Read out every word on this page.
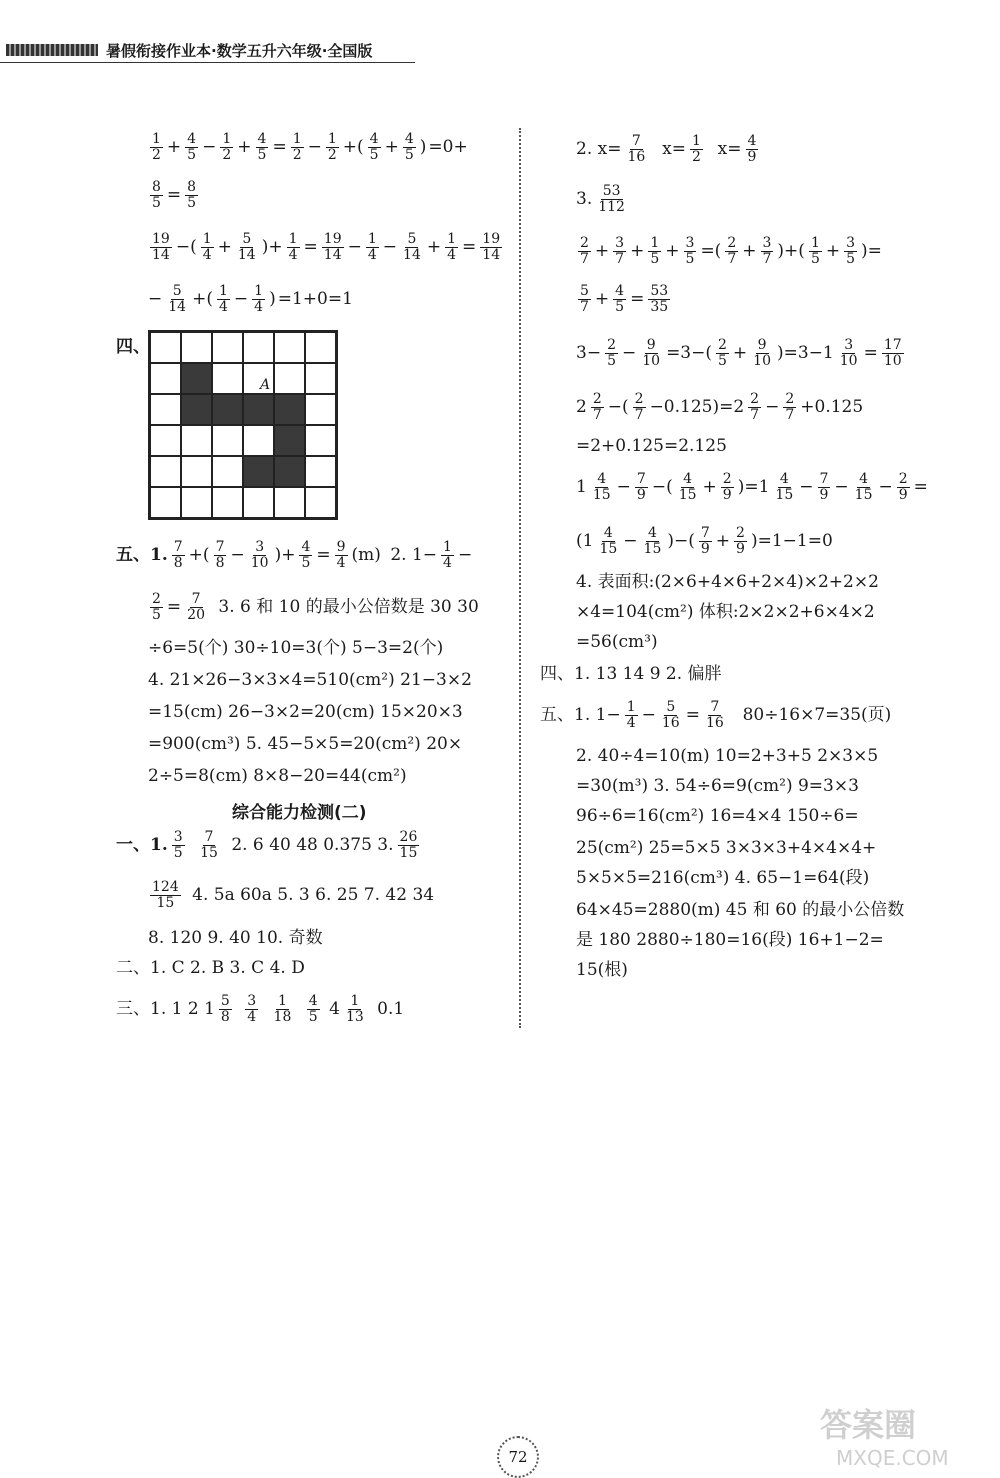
暑假衔接作业本·数学五升六年级·全国版
1
2 + 4
5 − 1
2 + 4
5 = 1
2 − 1
2 +( 4
$5 + \frac{4}{5}$ ) =0+
8
5 = 8
5
19
14 −( 1
4 + 5
14 )+ 1
4 = 19
14 − 1
4 − 5
14 + 1
4 = 19
14
− 5
14 +( 1
$4 - \frac{1}{4}$ ) =1+0=1
四、
A
五、1. 7
8 +( 7
8 − 3
10 )+ 4
5 = 9
4 (m)
2. $1- \frac{1}{4}$ −
2
5 = 7
20
3. 6 和 10 的最小公倍数是 30 30
÷6=5(个) 30÷10=3(个) 5−3=2(个)
4. 21×26−3×3×4=510(cm²) 21−3×2
=15(cm) 26−3×2=20(cm) 15×20×3
=900(cm³) 5. 45−5×5=20(cm²) 20×
2÷5=8(cm) 8×8−20=44(cm²)
综合能力检测(二)
一、1. 3
5

7
15
2. 6 40 48 0.375 3. 26
15
124
15
4. 5a 60a 5. 3 6. 25 7. 42 34
8. 120 9. 40 10. 奇数
二、1. C 2. B 3. C 4. D
三、1. 1 2 1 5
8

3
4

1
18

4
5 4 1
13
0.1
2. $x= \frac{7}{16} x= 1$
2 x= 4
9
3. 53
112
2
7 + 3
7 + 1
5 + 3
5 =( 2
7 + 3
7 )+( 1
5 + 3
5 )=
5
7 + 4
5 = 53
35
$3- \frac{2}{5} - 9$
10 =3−( 2
5 + 9
10 )=3−1 3
10 = 17
10
2 2
7 −( 2
7 −0.125)=2 2
7 − 2
7 +0.125
=2+0.125=2.125
1 4
15 − 7
9 −( 4
15 + 2
9 )=1 4
15 − 7
9 − 4
15 − 2
9 =
(1 4
15 − 4
15 )−( 7
9 + 2
9 )=1−1=0
4. 表面积:(2×6+4×6+2×4)×2+2×2
×4=104(cm²) 体积:2×2×2+6×4×2
=56(cm³)
四、1. 13 14 9 2. 偏胖
五、1. $1- \frac{1}{4} - 5$
16 = 7
16
80÷16×7=35(页)
2. 40÷4=10(m) 10=2+3+5 2×3×5
=30(m³) 3. 54÷6=9(cm²) 9=3×3
96÷6=16(cm²) 16=4×4 150÷6=
25(cm²) 25=5×5 3×3×3+4×4×4+
5×5×5=216(cm³) 4. 65−1=64(段)
64×45=2880(m) 45 和 60 的最小公倍数
是 180 2880÷180=16(段) 16+1−2=
15(根)
72
答案圈
MXQE.COM
